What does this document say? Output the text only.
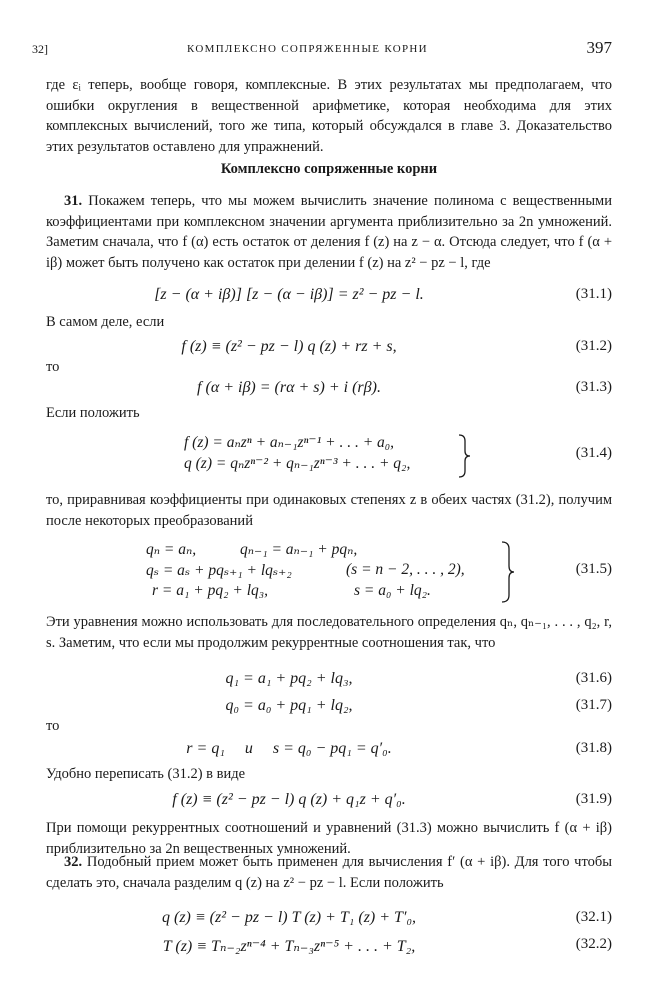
32]	КОМПЛЕКСНО СОПРЯЖЕННЫЕ КОРНИ	397

где εᵢ теперь, вообще говоря, комплексные. В этих результатах мы предполагаем, что ошибки округления в вещественной арифметике, которая необходима для этих комплексных вычислений, того же типа, который обсуждался в главе 3. Доказательство этих результатов оставлено для упражнений.

Комплексно сопряженные корни

31. Покажем теперь, что мы можем вычислить значение полинома с вещественными коэффициентами при комплексном значении аргумента приблизительно за 2n умножений. Заметим сначала, что f (α) есть остаток от деления f (z) на z − α. Отсюда следует, что f (α + iβ) может быть получено как остаток при делении f (z) на z² − pz − l, где

[z − (α + iβ)] [z − (α − iβ)] = z² − pz − l.	(31.1)
В самом деле, если
f (z) ≡ (z² − pz − l) q (z) + rz + s,	(31.2)
то
f (α + iβ) = (rα + s) + i (rβ).	(31.3)
Если положить
f (z) = aₙzⁿ + aₙ₋₁zⁿ⁻¹ + . . . + a₀,
q (z) = qₙzⁿ⁻² + qₙ₋₁zⁿ⁻³ + . . . + q₂,
(31.4)

то, приравнивая коэффициенты при одинаковых степенях z в обеих частях (31.2), получим после некоторых преобразований

qₙ = aₙ,	qₙ₋₁ = aₙ₋₁ + pqₙ,
qₛ = aₛ + pqₛ₊₁ + lqₛ₊₂	(s = n − 2, . . . , 2),
r = a₁ + pq₂ + lq₃,	s = a₀ + lq₂.
(31.5)

Эти уравнения можно использовать для последовательного определения qₙ, qₙ₋₁, . . . , q₂, r, s. Заметим, что если мы продолжим рекуррентные соотношения так, что

q₁ = a₁ + pq₂ + lq₃,	(31.6)
q₀ = a₀ + pq₁ + lq₂,	(31.7)
то
r = q₁     и     s = q₀ − pq₁ = q′₀.	(31.8)
Удобно переписать (31.2) в виде
f (z) ≡ (z² − pz − l) q (z) + q₁z + q′₀.	(31.9)

При помощи рекуррентных соотношений и уравнений (31.3) можно вычислить f (α + iβ) приблизительно за 2n вещественных умножений.

32. Подобный прием может быть применен для вычисления f′ (α + iβ). Для того чтобы сделать это, сначала разделим q (z) на z² − pz − l. Если положить

q (z) ≡ (z² − pz − l) T (z) + T₁ (z) + T′₀,	(32.1)
T (z) ≡ Tₙ₋₂zⁿ⁻⁴ + Tₙ₋₃zⁿ⁻⁵ + . . . + T₂,	(32.2)
